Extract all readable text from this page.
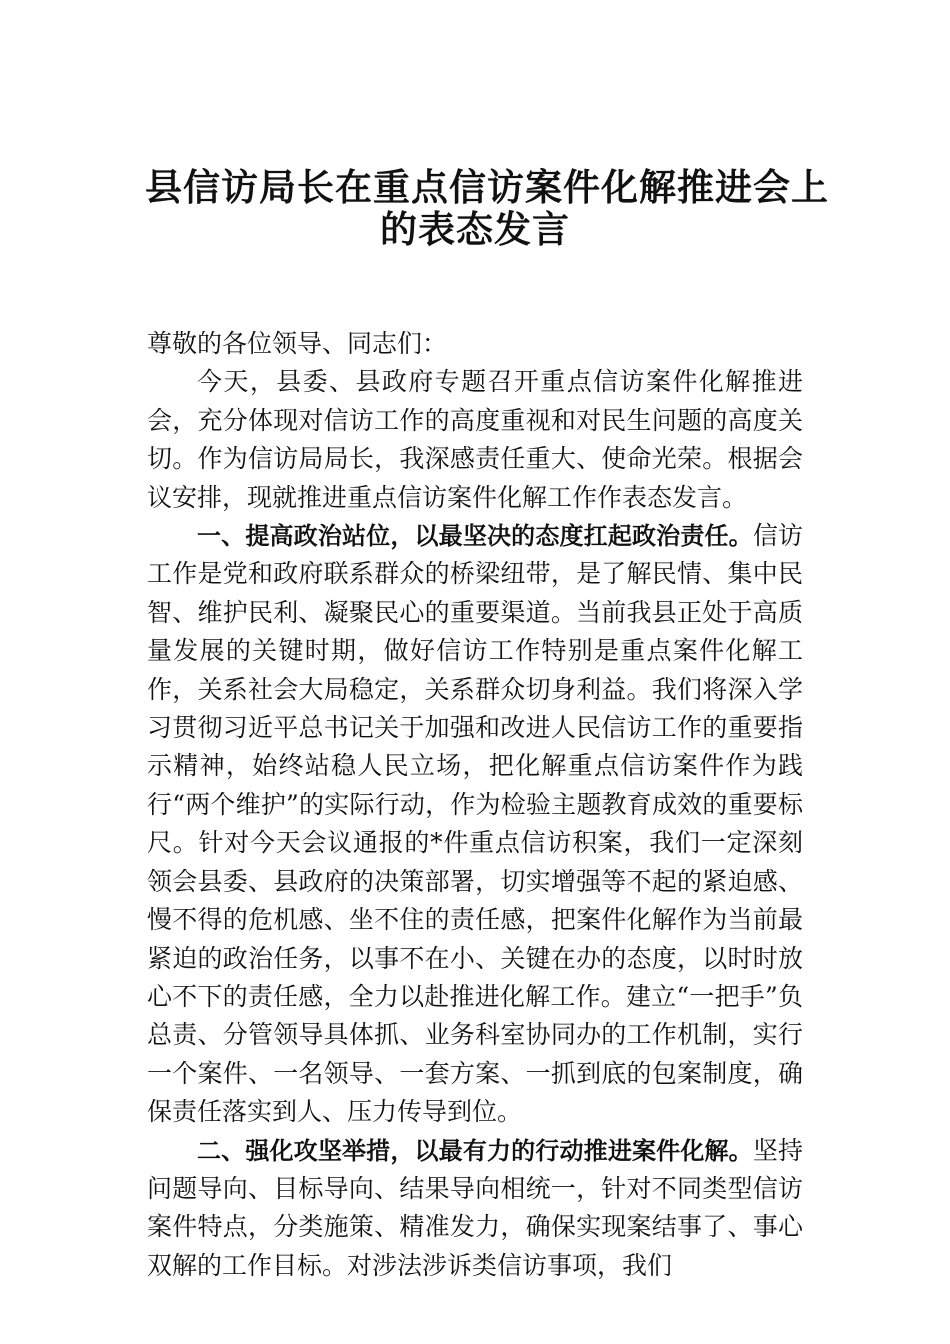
县信访局长在重点信访案件化解推进会上
的表态发言

尊敬的各位领导、同志们：

今天，县委、县政府专题召开重点信访案件化解推进会，充分体现对信访工作的高度重视和对民生问题的高度关切。作为信访局局长，我深感责任重大、使命光荣。根据会议安排，现就推进重点信访案件化解工作作表态发言。

一、提高政治站位，以最坚决的态度扛起政治责任。信访工作是党和政府联系群众的桥梁纽带，是了解民情、集中民智、维护民利、凝聚民心的重要渠道。当前我县正处于高质量发展的关键时期，做好信访工作特别是重点案件化解工作，关系社会大局稳定，关系群众切身利益。我们将深入学习贯彻习近平总书记关于加强和改进人民信访工作的重要指示精神，始终站稳人民立场，把化解重点信访案件作为践行“两个维护”的实际行动，作为检验主题教育成效的重要标尺。针对今天会议通报的*件重点信访积案，我们一定深刻领会县委、县政府的决策部署，切实增强等不起的紧迫感、慢不得的危机感、坐不住的责任感，把案件化解作为当前最紧迫的政治任务，以事不在小、关键在办的态度，以时时放心不下的责任感，全力以赴推进化解工作。建立“一把手”负总责、分管领导具体抓、业务科室协同办的工作机制，实行一个案件、一名领导、一套方案、一抓到底的包案制度，确保责任落实到人、压力传导到位。

二、强化攻坚举措，以最有力的行动推进案件化解。坚持问题导向、目标导向、结果导向相统一，针对不同类型信访案件特点，分类施策、精准发力，确保实现案结事了、事心双解的工作目标。对涉法涉诉类信访事项，我们
